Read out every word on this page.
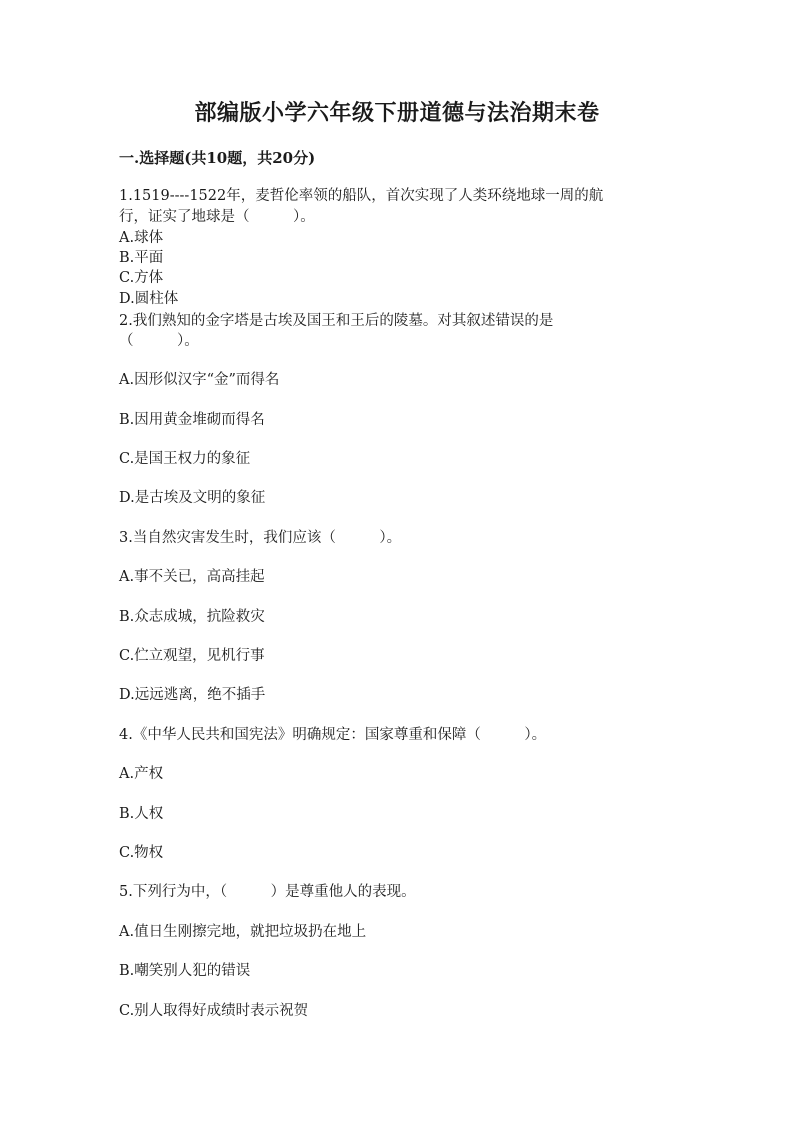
部编版小学六年级下册道德与法治期末卷
一.选择题(共10题，共20分)
1.1519----1522年，麦哲伦率领的船队，首次实现了人类环绕地球一周的航
行，证实了地球是（　　　）。
A.球体
B.平面
C.方体
D.圆柱体
2.我们熟知的金字塔是古埃及国王和王后的陵墓。对其叙述错误的是
（　　　）。
A.因形似汉字“金”而得名
B.因用黄金堆砌而得名
C.是国王权力的象征
D.是古埃及文明的象征
3.当自然灾害发生时，我们应该（　　　）。
A.事不关已，高高挂起
B.众志成城，抗险救灾
C.伫立观望，见机行事
D.远远逃离，绝不插手
4.《中华人民共和国宪法》明确规定：国家尊重和保障（　　　）。
A.产权
B.人权
C.物权
5.下列行为中，（　　　）是尊重他人的表现。
A.值日生刚擦完地，就把垃圾扔在地上
B.嘲笑别人犯的错误
C.别人取得好成绩时表示祝贺
